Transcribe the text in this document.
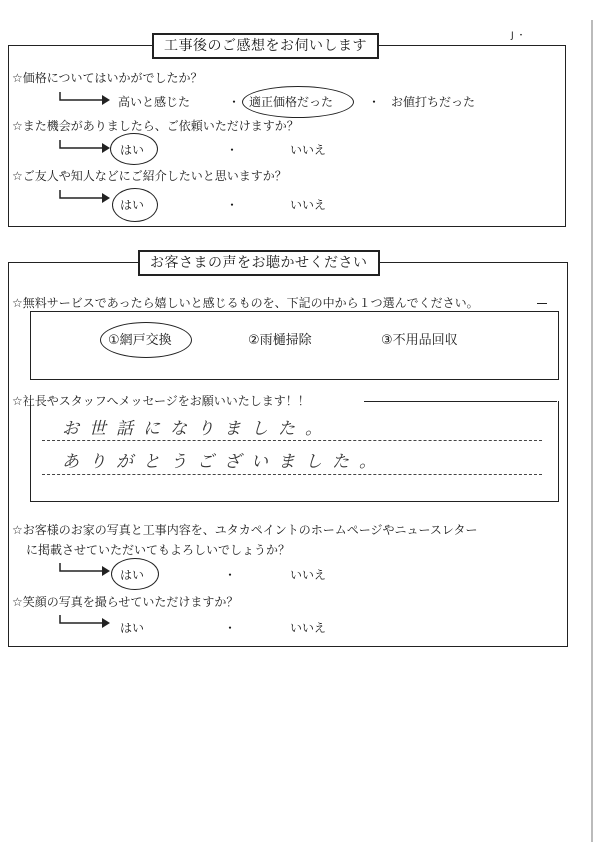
J ・
工事後のご感想をお伺いします
☆価格についてはいかがでしたか？
高いと感じた	・ 適正価格だった	・ お値打ちだった
☆また機会がありましたら、ご依頼いただけますか？
はい	・	いいえ
☆ご友人や知人などにご紹介したいと思いますか？
はい	・	いいえ
お客さまの声をお聴かせください
☆無料サービスであったら嬉しいと感じるものを、下記の中から１つ選んでください。
①網戸交換	②雨樋掃除	③不用品回収
☆社長やスタッフへメッセージをお願いいたします！！
お世話になりました。
ありがとうございました。
☆お客様のお家の写真と工事内容を、ユタカペイントのホームページやニュースレター
に掲載させていただいてもよろしいでしょうか？
はい	・	いいえ
☆笑顔の写真を撮らせていただけますか？
はい	・	いいえ
